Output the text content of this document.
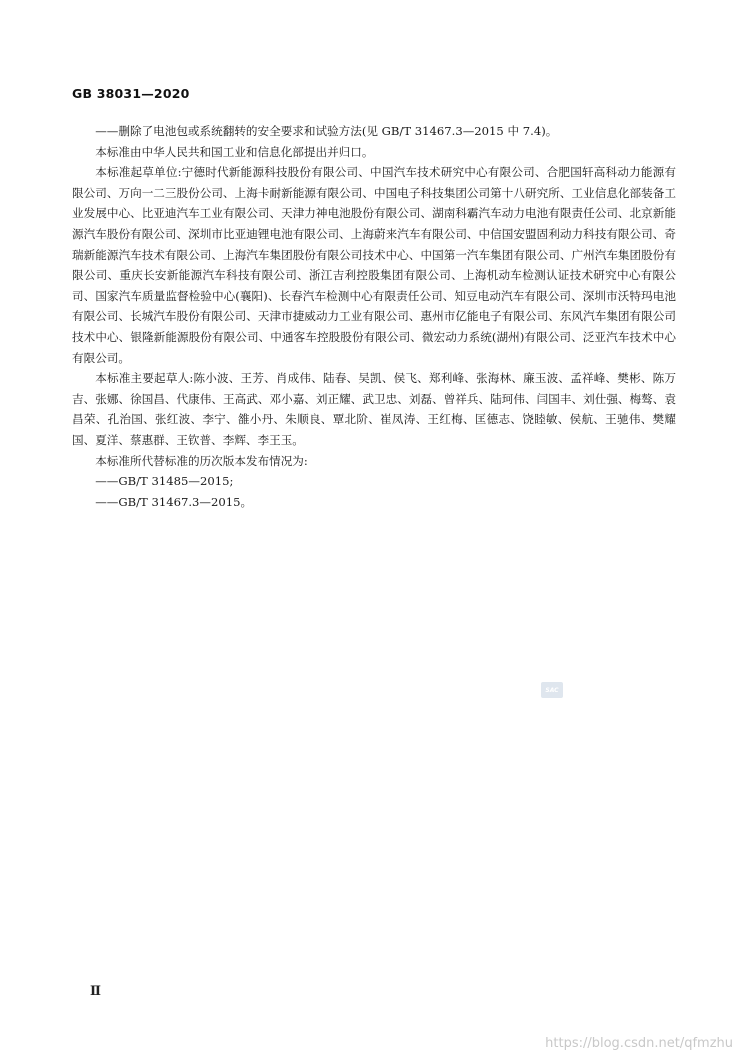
GB 38031—2020

——删除了电池包或系统翻转的安全要求和试验方法(见 GB/T 31467.3—2015 中 7.4)。

本标准由中华人民共和国工业和信息化部提出并归口。

本标准起草单位:宁德时代新能源科技股份有限公司、中国汽车技术研究中心有限公司、合肥国轩高科动力能源有限公司、万向一二三股份公司、上海卡耐新能源有限公司、中国电子科技集团公司第十八研究所、工业信息化部装备工业发展中心、比亚迪汽车工业有限公司、天津力神电池股份有限公司、湖南科霸汽车动力电池有限责任公司、北京新能源汽车股份有限公司、深圳市比亚迪锂电池有限公司、上海蔚来汽车有限公司、中信国安盟固利动力科技有限公司、奇瑞新能源汽车技术有限公司、上海汽车集团股份有限公司技术中心、中国第一汽车集团有限公司、广州汽车集团股份有限公司、重庆长安新能源汽车科技有限公司、浙江吉利控股集团有限公司、上海机动车检测认证技术研究中心有限公司、国家汽车质量监督检验中心(襄阳)、长春汽车检测中心有限责任公司、知豆电动汽车有限公司、深圳市沃特玛电池有限公司、长城汽车股份有限公司、天津市捷威动力工业有限公司、惠州市亿能电子有限公司、东风汽车集团有限公司技术中心、银隆新能源股份有限公司、中通客车控股股份有限公司、微宏动力系统(湖州)有限公司、泛亚汽车技术中心有限公司。

本标准主要起草人:陈小波、王芳、肖成伟、陆春、吴凯、侯飞、郑利峰、张海林、廉玉波、孟祥峰、樊彬、陈万吉、张娜、徐国昌、代康伟、王高武、邓小嘉、刘正耀、武卫忠、刘磊、曾祥兵、陆珂伟、闫国丰、刘仕强、梅骜、袁昌荣、孔治国、张红波、李宁、雒小丹、朱顺良、覃北阶、崔凤涛、王红梅、匡德志、饶睦敏、侯航、王驰伟、樊耀国、夏洋、蔡惠群、王钦普、李辉、李王玉。

本标准所代替标准的历次版本发布情况为:

——GB/T 31485—2015;

——GB/T 31467.3—2015。

SAC
Ⅱ
https://blog.csdn.net/qfmzhu
